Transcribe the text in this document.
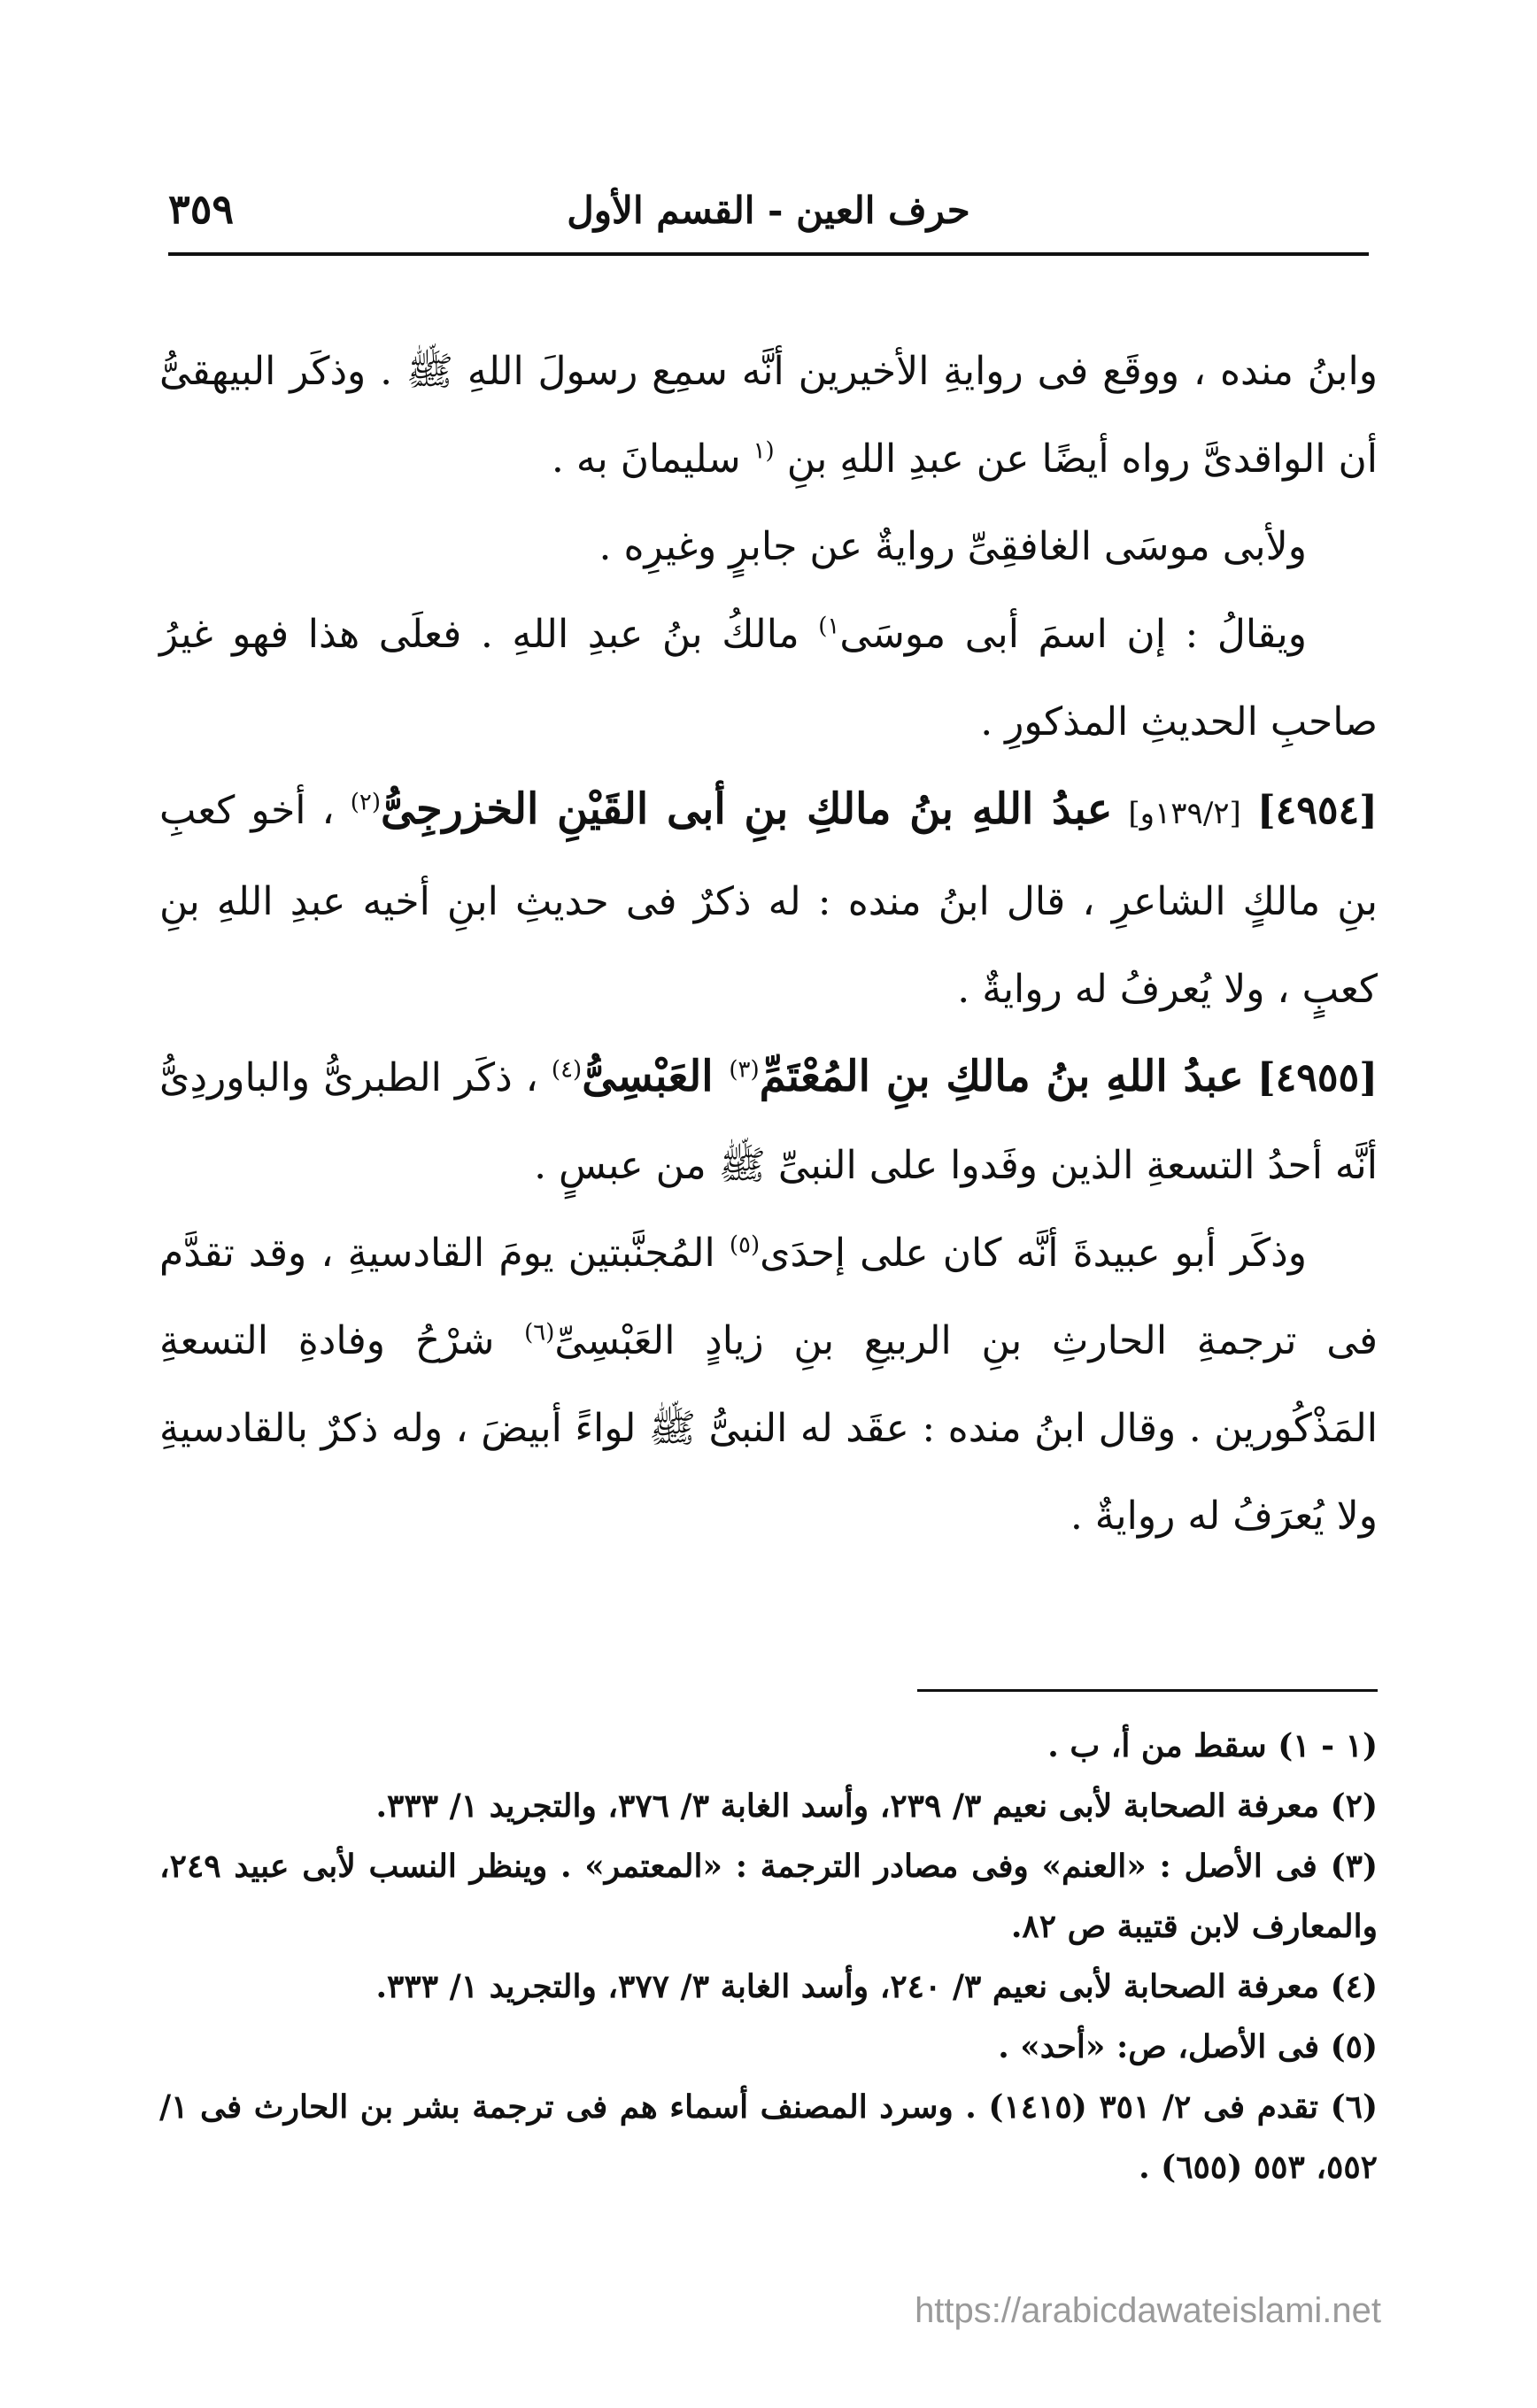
حرف العين - القسم الأول
٣٥٩

وابنُ منده ، ووقَع فى روايةِ الأخيرين أنَّه سمِع رسولَ اللهِ ﷺ . وذكَر البيهقىُّ أن الواقدىَّ رواه أيضًا عن عبدِ اللهِ بنِ $^{(١}$ سليمانَ به .

ولأبى موسَى الغافقِىِّ روايةٌ عن جابرٍ وغيرِه .

ويقالُ : إن اسمَ أبى موسَى$^{١)}$ مالكُ بنُ عبدِ اللهِ . فعلَى هذا فهو غيرُ صاحبِ الحديثِ المذكورِ .

[٤٩٥٤] [١٣٩/٢و] عبدُ اللهِ بنُ مالكِ بنِ أبى القَيْنِ الخزرجِىُّ$^{(٢)}$ ، أخو كعبِ بنِ مالكٍ الشاعرِ ، قال ابنُ منده : له ذكرٌ فى حديثِ ابنِ أخيه عبدِ اللهِ بنِ كعبٍ ، ولا يُعرفُ له روايةٌ .

[٤٩٥٥] عبدُ اللهِ بنُ مالكِ بنِ المُعْتَمِّ$^{(٣)}$ العَبْسِىُّ$^{(٤)}$ ، ذكَر الطبرىُّ والباوردِىُّ أنَّه أحدُ التسعةِ الذين وفَدوا على النبىِّ ﷺ من عبسٍ .

وذكَر أبو عبيدةَ أنَّه كان على إحدَى$^{(٥)}$ المُجنَّبتين يومَ القادسيةِ ، وقد تقدَّم فى ترجمةِ الحارثِ بنِ الربيعِ بنِ زيادٍ العَبْسِىِّ$^{(٦)}$ شرْحُ وفادةِ التسعةِ المَذْكُورين . وقال ابنُ منده : عقَد له النبىُّ ﷺ لواءً أبيضَ ، وله ذكرٌ بالقادسيةِ ولا يُعرَفُ له روايةٌ .

(١ - ١) سقط من أ، ب .

(٢) معرفة الصحابة لأبى نعيم ٣/ ٢٣٩، وأسد الغابة ٣/ ٣٧٦، والتجريد ١/ ٣٣٣.

(٣) فى الأصل : «العنم» وفى مصادر الترجمة : «المعتمر» . وينظر النسب لأبى عبيد ٢٤٩، والمعارف لابن قتيبة ص ٨٢.

(٤) معرفة الصحابة لأبى نعيم ٣/ ٢٤٠، وأسد الغابة ٣/ ٣٧٧، والتجريد ١/ ٣٣٣.

(٥) فى الأصل، ص: «أحد» .

(٦) تقدم فى ٢/ ٣٥١ (١٤١٥) . وسرد المصنف أسماء هم فى ترجمة بشر بن الحارث فى ١/ ٥٥٢، ٥٥٣ (٦٥٥) .

https://arabicdawateislami.net
